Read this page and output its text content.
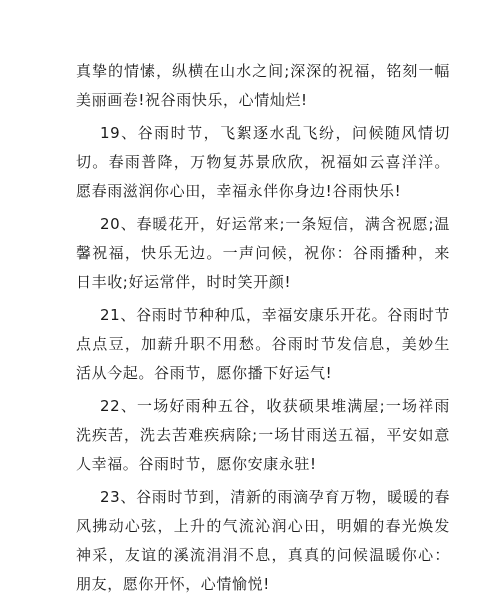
真挚的情愫，纵横在山水之间;深深的祝福，铭刻一幅美丽画卷!祝谷雨快乐，心情灿烂!

19、谷雨时节，飞絮逐水乱飞纷，问候随风情切切。春雨普降，万物复苏景欣欣，祝福如云喜洋洋。愿春雨滋润你心田，幸福永伴你身边!谷雨快乐!

20、春暖花开，好运常来;一条短信，满含祝愿;温馨祝福，快乐无边。一声问候，祝你：谷雨播种，来日丰收;好运常伴，时时笑开颜!

21、谷雨时节种种瓜，幸福安康乐开花。谷雨时节点点豆，加薪升职不用愁。谷雨时节发信息，美妙生活从今起。谷雨节，愿你播下好运气!

22、一场好雨种五谷，收获硕果堆满屋;一场祥雨洗疾苦，洗去苦难疾病除;一场甘雨送五福，平安如意人幸福。谷雨时节，愿你安康永驻!

23、谷雨时节到，清新的雨滴孕育万物，暖暖的春风拂动心弦，上升的气流沁润心田，明媚的春光焕发神采，友谊的溪流涓涓不息，真真的问候温暖你心：朋友，愿你开怀，心情愉悦!
